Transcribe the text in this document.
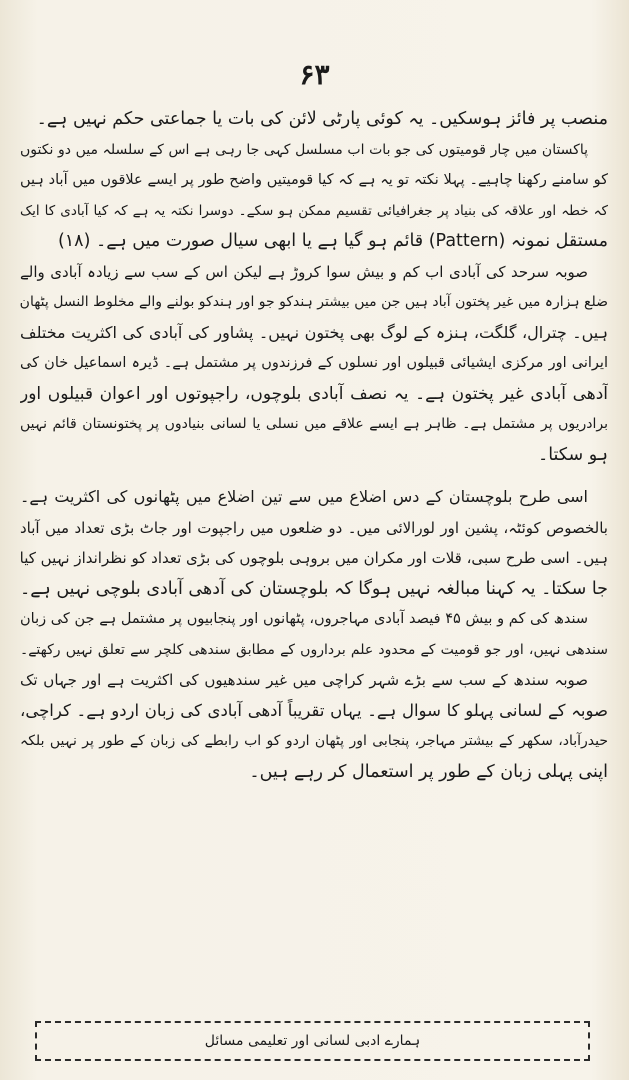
۶۳
منصب پر فائز ہوسکیں۔ یہ کوئی پارٹی لائن کی بات یا جماعتی حکم نہیں ہے۔
پاکستان میں چار قومیتوں کی جو بات اب مسلسل کہی جا رہی ہے اس کے سلسلہ میں دو نکتوں
کو سامنے رکھنا چاہیے۔ پہلا نکتہ تو یہ ہے کہ کیا قومیتیں واضح طور پر ایسے علاقوں میں آباد ہیں
کہ خطہ اور علاقہ کی بنیاد پر جغرافیائی تقسیم ممکن ہو سکے۔ دوسرا نکتہ یہ ہے کہ کیا آبادی کا ایک
مستقل نمونہ (Pattern) قائم ہو گیا ہے یا ابھی سیال صورت میں ہے۔ (۱۸)
صوبہ سرحد کی آبادی اب کم و بیش سوا کروڑ ہے لیکن اس کے سب سے زیادہ آبادی والے
ضلع ہزارہ میں غیر پختون آباد ہیں جن میں بیشتر ہندکو جو اور ہندکو بولنے والے مخلوط النسل پٹھان
ہیں۔ چترال، گلگت، ہنزہ کے لوگ بھی پختون نہیں۔ پشاور کی آبادی کی اکثریت مختلف
ایرانی اور مرکزی ایشیائی قبیلوں اور نسلوں کے فرزندوں پر مشتمل ہے۔ ڈیرہ اسماعیل خان کی
آدھی آبادی غیر پختون ہے۔ یہ نصف آبادی بلوچوں، راجپوتوں اور اعوان قبیلوں اور
برادریوں پر مشتمل ہے۔ ظاہر ہے ایسے علاقے میں نسلی یا لسانی بنیادوں پر پختونستان قائم نہیں
ہو سکتا۔
اسی طرح بلوچستان کے دس اضلاع میں سے تین اضلاع میں پٹھانوں کی اکثریت ہے۔
بالخصوص کوئٹہ، پشین اور لورالائی میں۔ دو ضلعوں میں راجپوت اور جاٹ بڑی تعداد میں آباد
ہیں۔ اسی طرح سبی، قلات اور مکران میں بروہی بلوچوں کی بڑی تعداد کو نظرانداز نہیں کیا
جا سکتا۔ یہ کہنا مبالغہ نہیں ہوگا کہ بلوچستان کی آدھی آبادی بلوچی نہیں ہے۔
سندھ کی کم و بیش ۴۵ فیصد آبادی مہاجروں، پٹھانوں اور پنجابیوں پر مشتمل ہے جن کی زبان
سندھی نہیں، اور جو قومیت کے محدود علم برداروں کے مطابق سندھی کلچر سے تعلق نہیں رکھتے۔
صوبہ سندھ کے سب سے بڑے شہر کراچی میں غیر سندھیوں کی اکثریت ہے اور جہاں تک
صوبہ کے لسانی پہلو کا سوال ہے۔ یہاں تقریباً آدھی آبادی کی زبان اردو ہے۔ کراچی،
حیدرآباد، سکھر کے بیشتر مہاجر، پنجابی اور پٹھان اردو کو اب رابطے کی زبان کے طور پر نہیں بلکہ
اپنی پہلی زبان کے طور پر استعمال کر رہے ہیں۔
ہمارے ادبی لسانی اور تعلیمی مسائل
